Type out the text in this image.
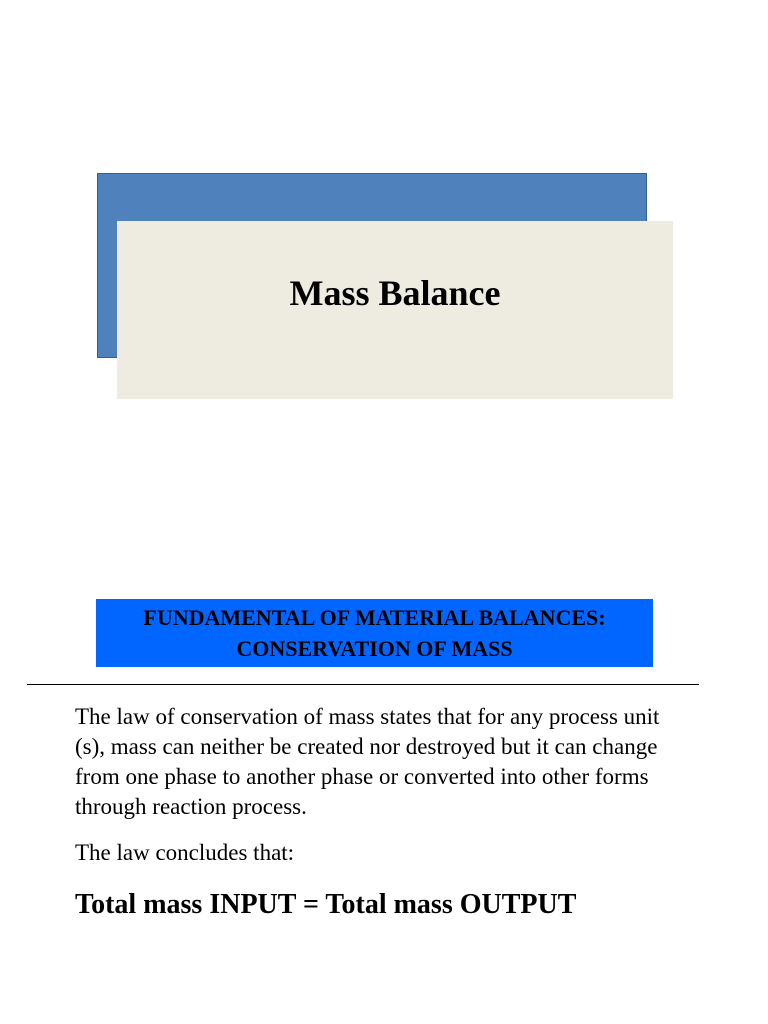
Mass Balance
FUNDAMENTAL OF MATERIAL BALANCES:
CONSERVATION OF MASS
The law of conservation of mass states that for any process unit (s), mass can neither be created nor destroyed but it can change from one phase to another phase or converted into other forms through reaction process.
The law concludes that:
Total mass INPUT = Total mass OUTPUT
